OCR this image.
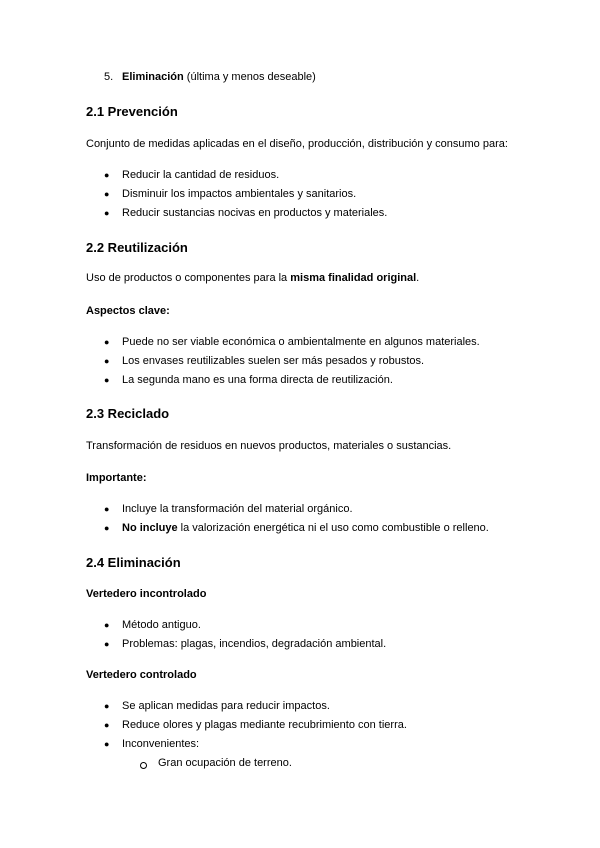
5. Eliminación (última y menos deseable)
2.1 Prevención
Conjunto de medidas aplicadas en el diseño, producción, distribución y consumo para:
● Reducir la cantidad de residuos.
● Disminuir los impactos ambientales y sanitarios.
● Reducir sustancias nocivas en productos y materiales.
2.2 Reutilización
Uso de productos o componentes para la misma finalidad original.
Aspectos clave:
● Puede no ser viable económica o ambientalmente en algunos materiales.
● Los envases reutilizables suelen ser más pesados y robustos.
● La segunda mano es una forma directa de reutilización.
2.3 Reciclado
Transformación de residuos en nuevos productos, materiales o sustancias.
Importante:
● Incluye la transformación del material orgánico.
● No incluye la valorización energética ni el uso como combustible o relleno.
2.4 Eliminación
Vertedero incontrolado
● Método antiguo.
● Problemas: plagas, incendios, degradación ambiental.
Vertedero controlado
● Se aplican medidas para reducir impactos.
● Reduce olores y plagas mediante recubrimiento con tierra.
● Inconvenientes:
Gran ocupación de terreno.
